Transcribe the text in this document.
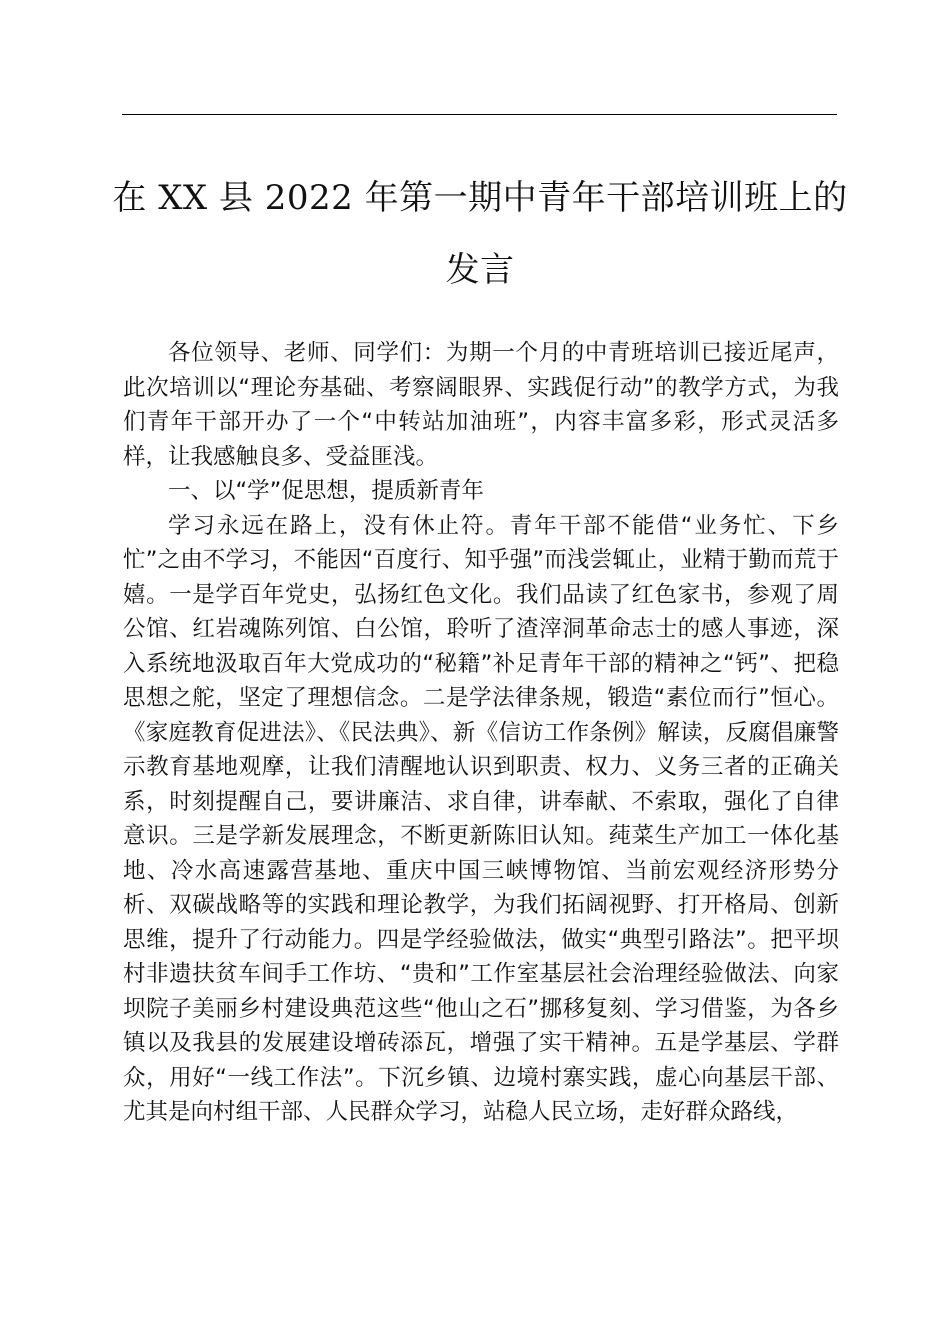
在 XX 县 2022 年第一期中青年干部培训班上的
发言

各位领导、老师、同学们：为期一个月的中青班培训已接近尾声，此次培训以“理论夯基础、考察阔眼界、实践促行动”的教学方式，为我们青年干部开办了一个“中转站加油班”，内容丰富多彩，形式灵活多样，让我感触良多、受益匪浅。

一、以“学”促思想，提质新青年

学习永远在路上，没有休止符。青年干部不能借“业务忙、下乡忙”之由不学习，不能因“百度行、知乎强”而浅尝辄止，业精于勤而荒于嬉。一是学百年党史，弘扬红色文化。我们品读了红色家书，参观了周公馆、红岩魂陈列馆、白公馆，聆听了渣滓洞革命志士的感人事迹，深入系统地汲取百年大党成功的“秘籍”补足青年干部的精神之“钙”、把稳思想之舵，坚定了理想信念。二是学法律条规，锻造“素位而行”恒心。《家庭教育促进法》、《民法典》、新《信访工作条例》解读，反腐倡廉警示教育基地观摩，让我们清醒地认识到职责、权力、义务三者的正确关系，时刻提醒自己，要讲廉洁、求自律，讲奉献、不索取，强化了自律意识。三是学新发展理念，不断更新陈旧认知。莼菜生产加工一体化基地、冷水高速露营基地、重庆中国三峡博物馆、当前宏观经济形势分析、双碳战略等的实践和理论教学，为我们拓阔视野、打开格局、创新思维，提升了行动能力。四是学经验做法，做实“典型引路法”。把平坝村非遗扶贫车间手工作坊、“贵和”工作室基层社会治理经验做法、向家坝院子美丽乡村建设典范这些“他山之石”挪移复刻、学习借鉴，为各乡镇以及我县的发展建设增砖添瓦，增强了实干精神。五是学基层、学群众，用好“一线工作法”。下沉乡镇、边境村寨实践，虚心向基层干部、尤其是向村组干部、人民群众学习，站稳人民立场，走好群众路线，
